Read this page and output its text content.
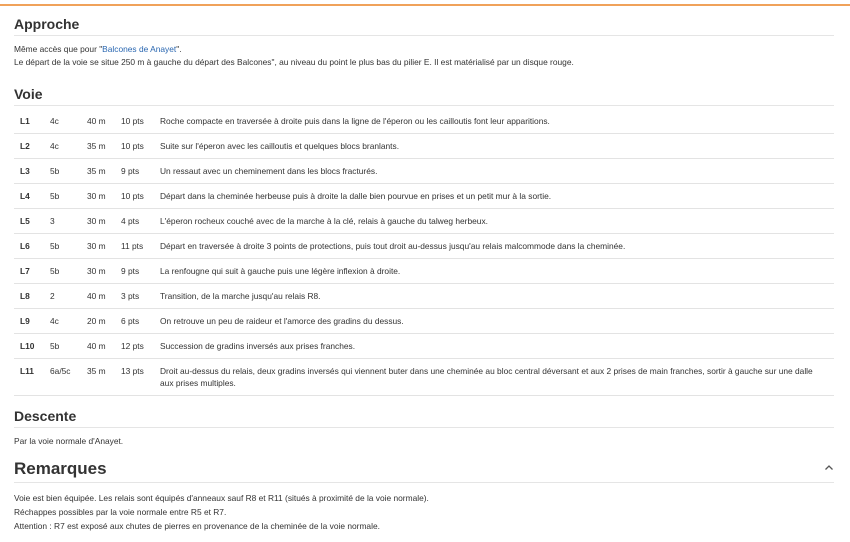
Approche
Même accès que pour "Balcones de Anayet".
Le départ de la voie se situe 250 m à gauche du départ des Balcones", au niveau du point le plus bas du pilier E. Il est matérialisé par un disque rouge.
Voie
L1	4c	40 m	10 pts	Roche compacte en traversée à droite puis dans la ligne de l'éperon ou les cailloutis font leur apparitions.
L2	4c	35 m	10 pts	Suite sur l'éperon avec les cailloutis et quelques blocs branlants.
L3	5b	35 m	9 pts	Un ressaut avec un cheminement dans les blocs fracturés.
L4	5b	30 m	10 pts	Départ dans la cheminée herbeuse puis à droite la dalle bien pourvue en prises et un petit mur à la sortie.
L5	3	30 m	4 pts	L'éperon rocheux couché avec de la marche à la clé, relais à gauche du talweg herbeux.
L6	5b	30 m	11 pts	Départ en traversée à droite 3 points de protections, puis tout droit au-dessus jusqu'au relais malcommode dans la cheminée.
L7	5b	30 m	9 pts	La renfougne qui suit à gauche puis une légère inflexion à droite.
L8	2	40 m	3 pts	Transition, de la marche jusqu'au relais R8.
L9	4c	20 m	6 pts	On retrouve un peu de raideur et l'amorce des gradins du dessus.
L10	5b	40 m	12 pts	Succession de gradins inversés aux prises franches.
L11	6a/5c	35 m	13 pts	Droit au-dessus du relais, deux gradins inversés qui viennent buter dans une cheminée au bloc central déversant et aux 2 prises de main franches, sortir à gauche sur une dalle aux prises multiples.
Descente
Par la voie normale d'Anayet.
Remarques
Voie est bien équipée. Les relais sont équipés d'anneaux sauf R8 et R11 (situés à proximité de la voie normale).
Réchappes possibles par la voie normale entre R5 et R7.
Attention : R7 est exposé aux chutes de pierres en provenance de la cheminée de la voie normale.
